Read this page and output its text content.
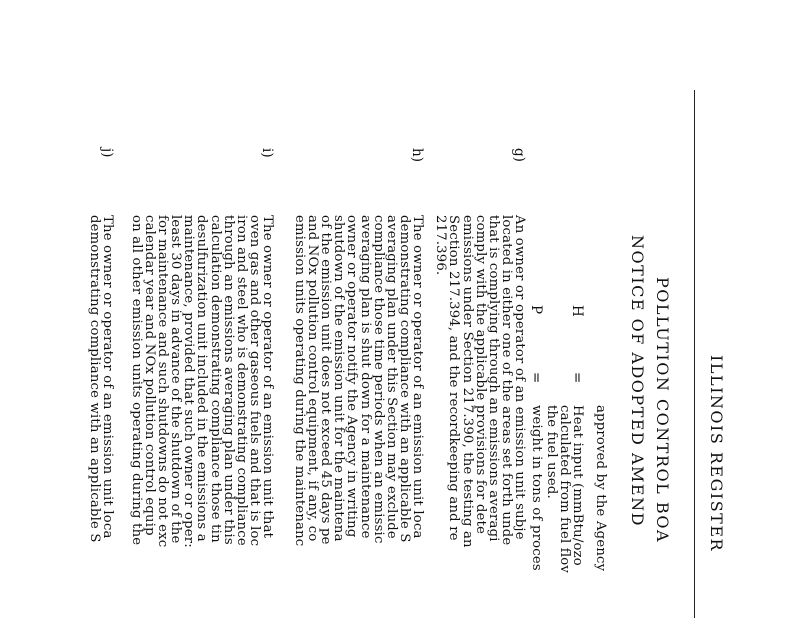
ILLINOIS REGISTER
POLLUTION CONTROL BOA
NOTICE OF ADOPTED AMEND
approved by the Agency
H
=
Heat input (mmBtu/ozo
calculated from fuel flov
the fuel used.
P
=
weight in tons of proces
g)
An owner or operator of an emission unit subje
located in either one of the areas set forth unde
that is complying through an emissions averagi
comply with the applicable provisions for dete
emissions under Section 217.390, the testing an
Section 217.394, and the recordkeeping and re
217.396.
h)
The owner or operator of an emission unit loca
demonstrating compliance with an applicable S
averaging plan under this Section may exclude
compliance those time periods when an emissic
averaging plan is shut down for a maintenance
owner or operator notify the Agency in writing
shutdown of the emission unit for the maintena
of the emission unit does not exceed 45 days pe
and NOx pollution control equipment, if any, co
emission units operating during the maintenanc
i)
The owner or operator of an emission unit that
oven gas and other gaseous fuels and that is loc
iron and steel who is demonstrating compliance
through an emissions averaging plan under this
calculation demonstrating compliance those tin
desulfurization unit included in the emissions a
maintenance, provided that such owner or oper:
least 30 days in advance of the shutdown of the
for maintenance and such shutdowns do not exc
calendar year and NOx pollution control equip
on all other emission units operating during the
j)
The owner or operator of an emission unit loca
demonstrating compliance with an applicable S
